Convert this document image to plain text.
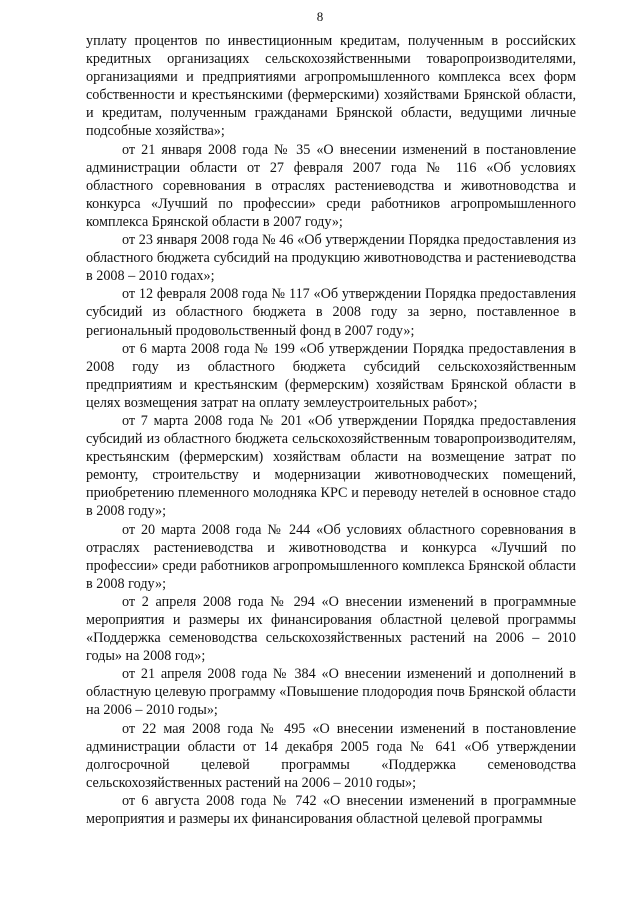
8

уплату процентов по инвестиционным кредитам, полученным в российских кредитных организациях сельскохозяйственными товаропроизводителями, организациями и предприятиями агропромышленного комплекса всех форм собственности и крестьянскими (фермерскими) хозяйствами Брянской области, и кредитам, полученным гражданами Брянской области, ведущими личные подсобные хозяйства»;

от 21 января 2008 года № 35 «О внесении изменений в постановление администрации области от 27 февраля 2007 года № 116 «Об условиях областного соревнования в отраслях растениеводства и животноводства и конкурса «Лучший по профессии» среди работников агропромышленного комплекса Брянской области в 2007 году»;

от 23 января 2008 года № 46 «Об утверждении Порядка предоставления из областного бюджета субсидий на продукцию животноводства и растениеводства в 2008 – 2010 годах»;

от 12 февраля 2008 года № 117 «Об утверждении Порядка предоставления субсидий из областного бюджета в 2008 году за зерно, поставленное в региональный продовольственный фонд в 2007 году»;

от 6 марта 2008 года № 199 «Об утверждении Порядка предоставления в 2008 году из областного бюджета субсидий сельскохозяйственным предприятиям и крестьянским (фермерским) хозяйствам Брянской области в целях возмещения затрат на оплату землеустроительных работ»;

от 7 марта 2008 года № 201 «Об утверждении Порядка предоставления субсидий из областного бюджета сельскохозяйственным товаропроизводителям, крестьянским (фермерским) хозяйствам области на возмещение затрат по ремонту, строительству и модернизации животноводческих помещений, приобретению племенного молодняка КРС и переводу нетелей в основное стадо в 2008 году»;

от 20 марта 2008 года № 244 «Об условиях областного соревнования в отраслях растениеводства и животноводства и конкурса «Лучший по профессии» среди работников агропромышленного комплекса Брянской области в 2008 году»;

от 2 апреля 2008 года № 294 «О внесении изменений в программные мероприятия и размеры их финансирования областной целевой программы «Поддержка семеноводства сельскохозяйственных растений на 2006 – 2010 годы» на 2008 год»;

от 21 апреля 2008 года № 384 «О внесении изменений и дополнений в областную целевую программу «Повышение плодородия почв Брянской области на 2006 – 2010 годы»;

от 22 мая 2008 года № 495 «О внесении изменений в постановление администрации области от 14 декабря 2005 года № 641 «Об утверждении долгосрочной целевой программы «Поддержка семеноводства сельскохозяйственных растений на 2006 – 2010 годы»;

от 6 августа 2008 года № 742 «О внесении изменений в программные мероприятия и размеры их финансирования областной целевой программы
